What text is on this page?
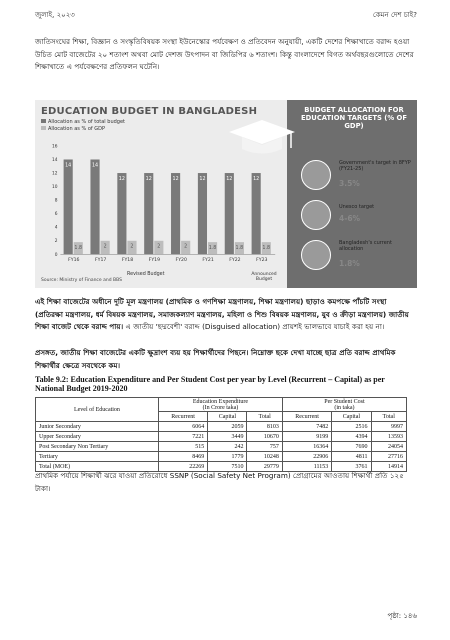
জুলাই, ২০২৩	কেমন দেশ চাই?
জাতিসংঘের শিক্ষা, বিজ্ঞান ও সংস্কৃতিবিষয়ক সংস্থা ইউনেস্কোর পর্যবেক্ষণ ও প্রতিবেদন অনুযায়ী, একটি দেশের শিক্ষাখাতে বরাদ্দ হওয়া উচিত মোট বাজেটের ২০ শতাংশ অথবা মোট দেশজ উৎপাদন বা জিডিপির ৬ শতাংশ। কিন্তু বাংলাদেশে বিগত অর্থবছরগুলোতে দেশের শিক্ষাখাতে এ পর্যবেক্ষণের প্রতিফলন ঘটেনি।
EDUCATION BUDGET IN BANGLADESH
Allocation as % of total budget
Allocation as % of GDP
0
2
4
6
8
10
12
14
16
14
1.8
FY16
14
2
FY17
12
2
FY18
12
2
FY19
12
2
FY20
12
1.8
FY21
12
1.8
FY22
12
1.8
FY23
Revised Budget	Announced Budget
Source: Ministry of Finance and BBS
BUDGET ALLOCATION FOR EDUCATION TARGETS (% OF GDP)
Government's target in 8FYP (FY21-25)
3.5%
Unesco target
4-6%
Bangladesh's current allocation
1.8%
এই শিক্ষা বাজেটের অধীনে দুটি মূল মন্ত্রণালয় (প্রাথমিক ও গণশিক্ষা মন্ত্রণালয়, শিক্ষা মন্ত্রণালয়) ছাড়াও কমপক্ষে পাঁচটি সংস্থা (প্রতিরক্ষা মন্ত্রণালয়, ধর্ম বিষয়ক মন্ত্রণালয়, সমাজকল্যাণ মন্ত্রণালয়, মহিলা ও শিশু বিষয়ক মন্ত্রণালয়, যুব ও ক্রীড়া মন্ত্রণালয়) জাতীয় শিক্ষা বাজেট থেকে বরাদ্দ পায়। এ জাতীয় 'ছদ্মবেশী' বরাদ্দ (Disguised allocation) প্রায়শই ভালভাবে যাচাই করা হয় না।
প্রসঙ্গত, জাতীয় শিক্ষা বাজেটের একটি ক্ষুদ্রাংশ ব্যয় হয় শিক্ষার্থীদের পিছনে। নিম্নোক্ত ছকে দেখা যাচ্ছে ছাত্র প্রতি বরাদ্দ প্রাথমিক শিক্ষার্থীর ক্ষেত্রে সবথেকে কম।
Table 9.2: Education Expenditure and Per Student Cost per year by Level (Recurrent – Capital) as per National Budget 2019-2020
Level of Education	Education Expenditure
(In Crore taka)			Per Student Cost
(in taka)		
	Recurrent	Capital	Total	Recurrent	Capital	Total
Junior Secondary	6064	2059	8103	7482	2516	9997
Upper Secondary	7221	3449	10670	9199	4394	13593
Post Secondary Non Tertiary	515	242	757	16364	7690	24054
Tertiary	8469	1779	10248	22906	4811	27716
Total (MOE)	22269	7510	29779	11153	3761	14914
প্রাথমিক পর্যায়ে শিক্ষার্থী ঝরে যাওয়া প্রতিরোধে SSNP (Social Safety Net Program) প্রোগ্রামের আওতায় শিক্ষার্থী প্রতি ১২৫ টাকা।
পৃষ্ঠা: ১৪৬
